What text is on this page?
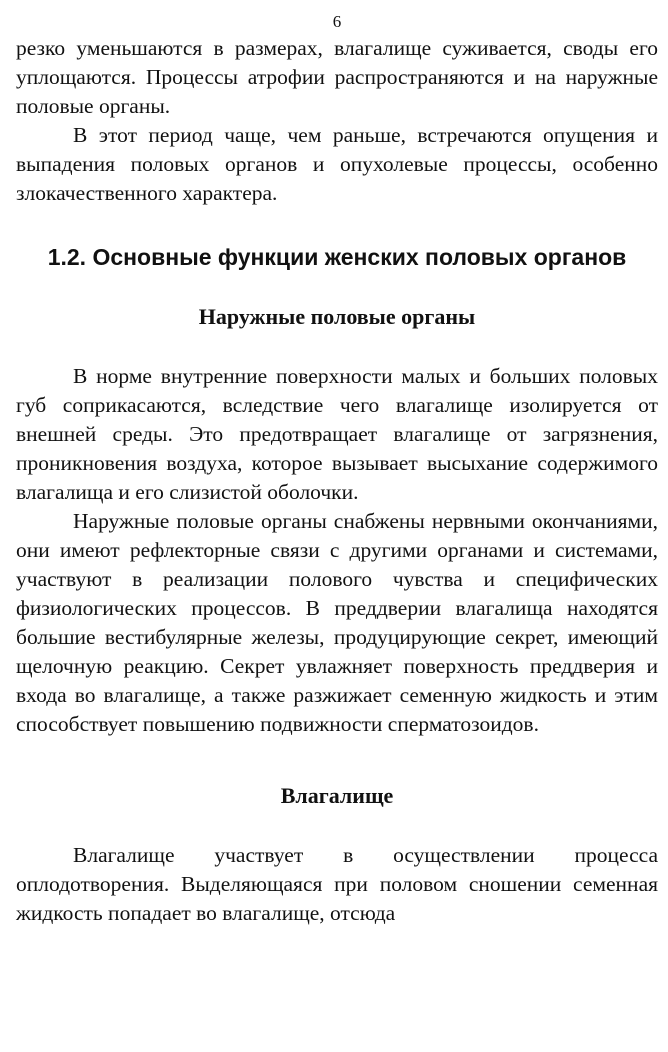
6

резко уменьшаются в размерах, влагалище суживается, своды его уплощаются. Процессы атрофии распространяются и на наружные половые органы.

В этот период чаще, чем раньше, встречаются опущения и выпадения половых органов и опухолевые процессы, особенно злокачественного характера.

1.2. Основные функции женских половых органов
Наружные половые органы

В норме внутренние поверхности малых и больших половых губ соприкасаются, вследствие чего влагалище изолируется от внешней среды. Это предотвращает влагалище от загрязнения, проникновения воздуха, которое вызывает высыхание содержимого влагалища и его слизистой оболочки.

Наружные половые органы снабжены нервными окончаниями, они имеют рефлекторные связи с другими органами и системами, участвуют в реализации полового чувства и специфических физиологических процессов. В преддверии влагалища находятся большие вестибулярные железы, продуцирующие секрет, имеющий щелочную реакцию. Секрет увлажняет поверхность преддверия и входа во влагалище, а также разжижает семенную жидкость и этим способствует повышению подвижности сперматозоидов.

Влагалище

Влагалище участвует в осуществлении процесса оплодотворения. Выделяющаяся при половом сношении семенная жидкость попадает во влагалище, отсюда
